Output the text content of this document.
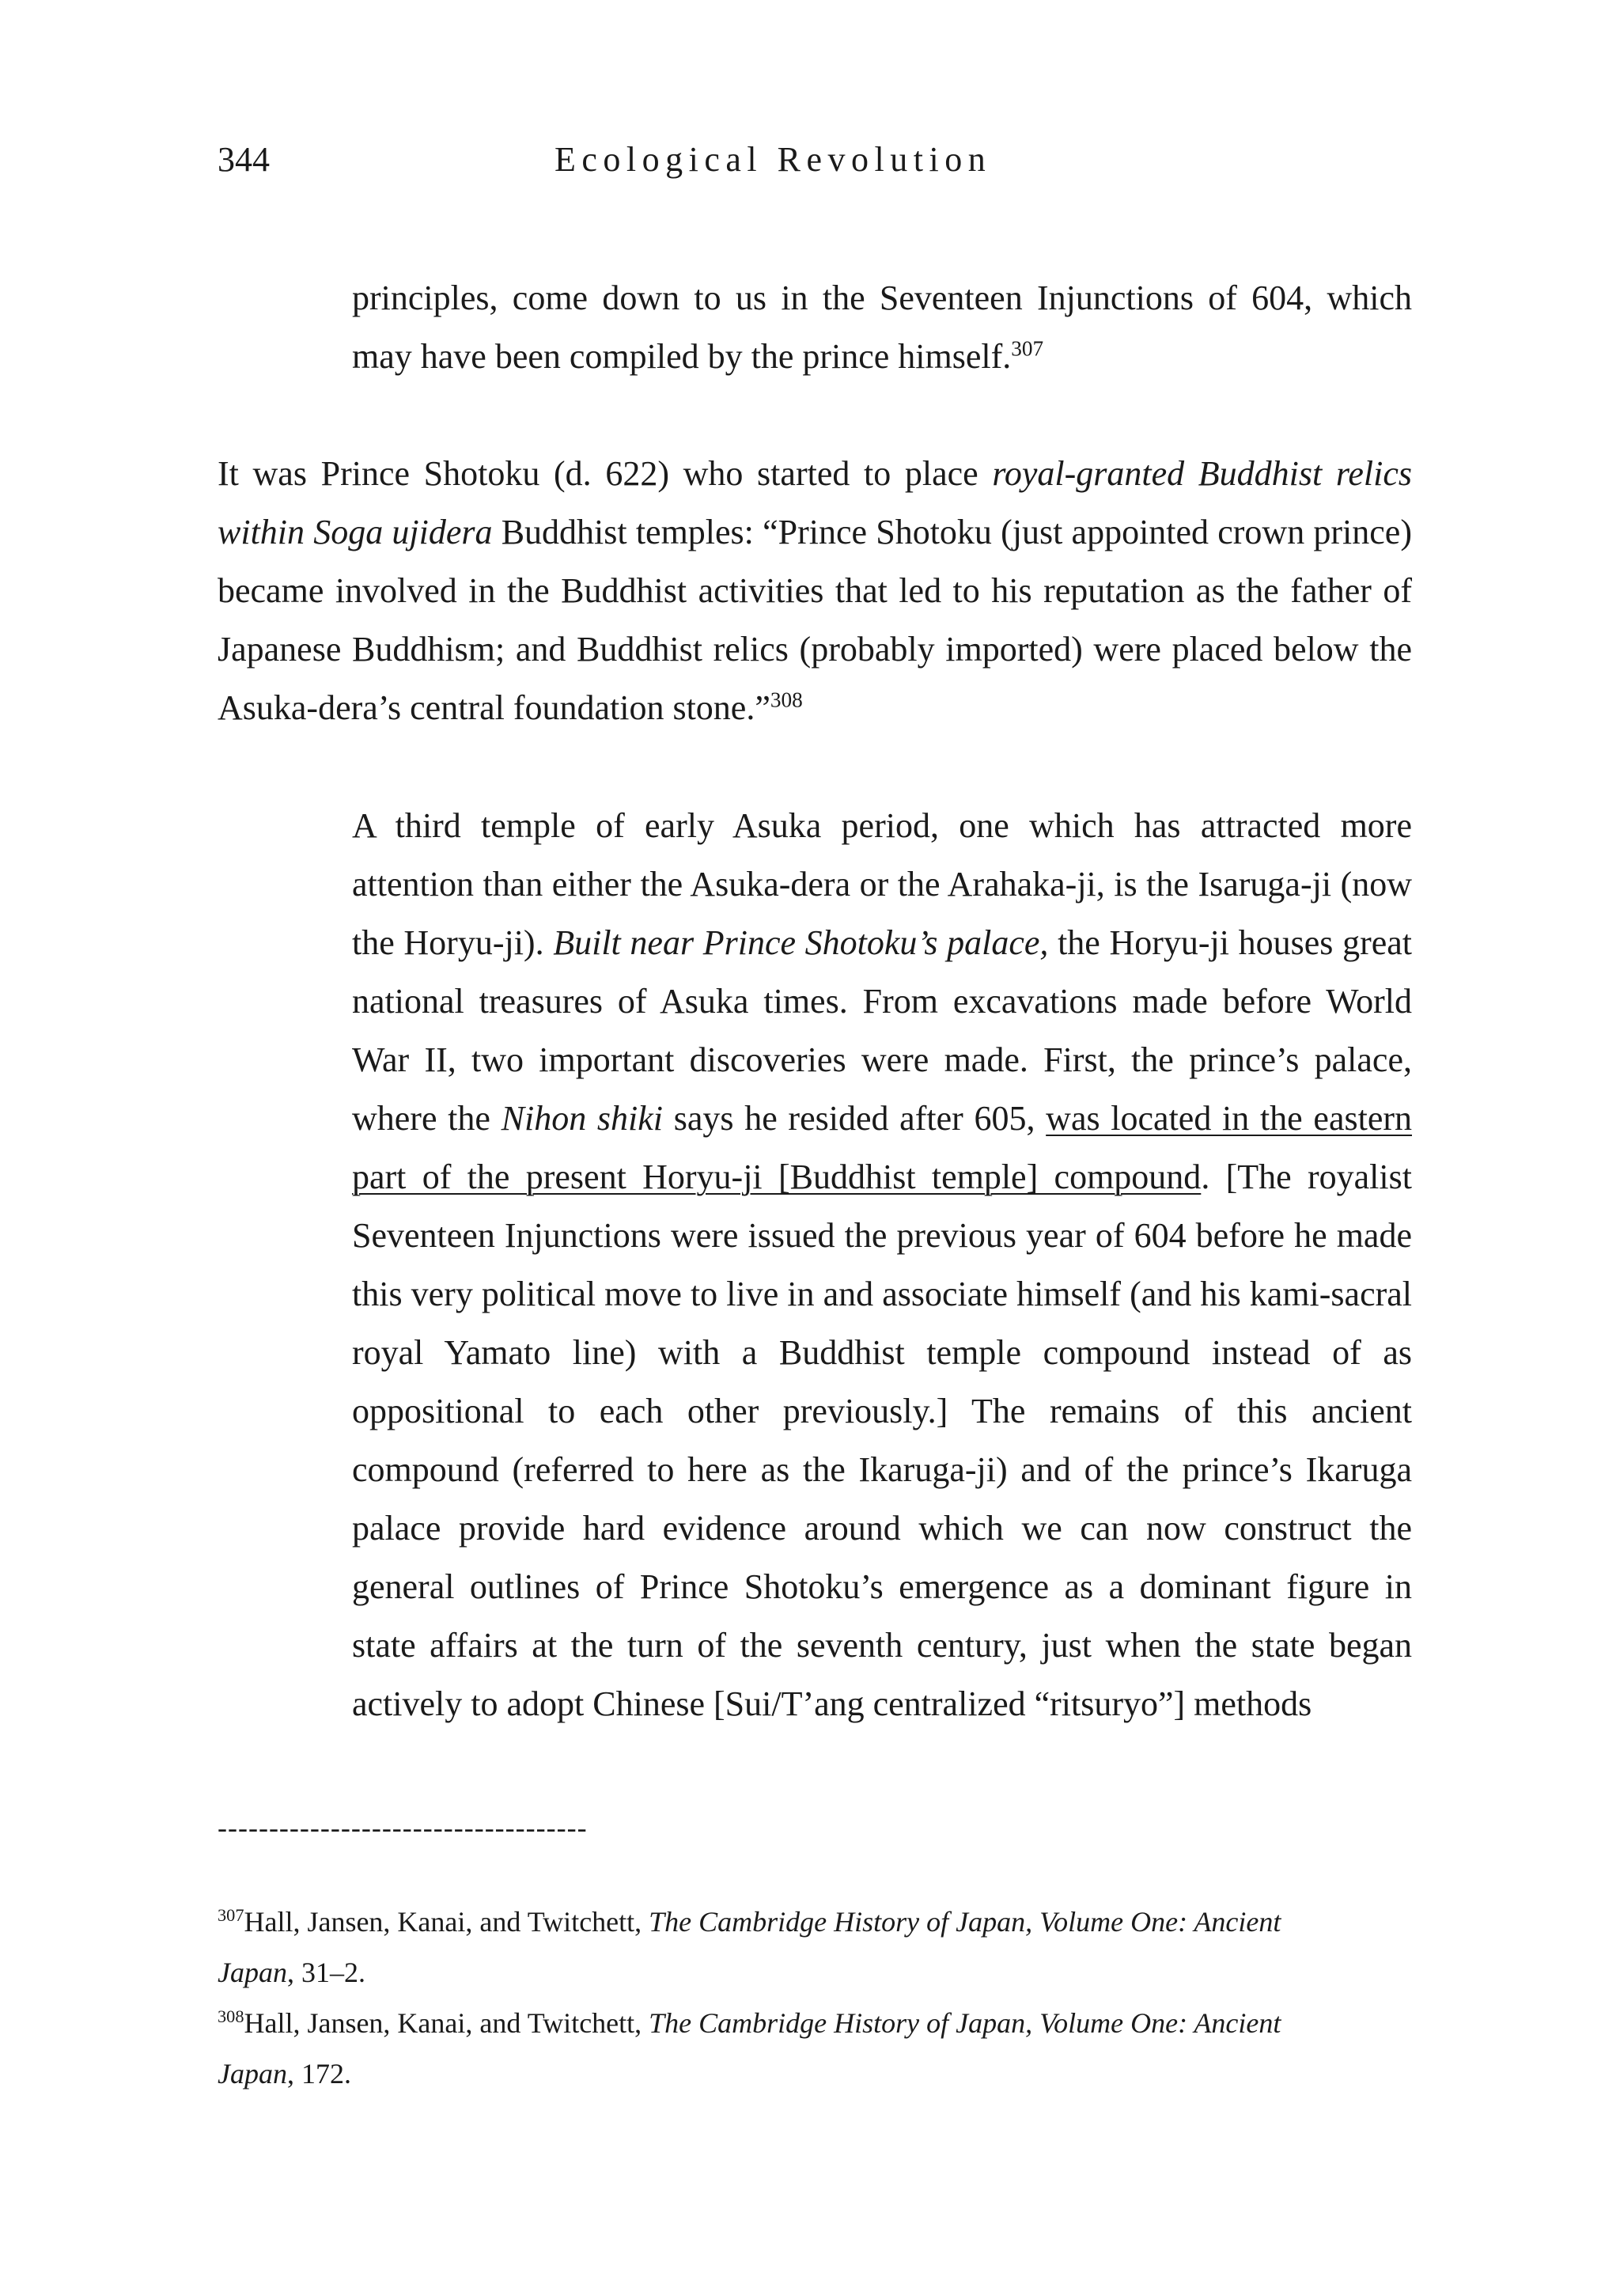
344	Ecological Revolution

principles, come down to us in the Seventeen Injunctions of 604, which may have been compiled by the prince himself.$^{307}$

It was Prince Shotoku (d. 622) who started to place royal-granted Buddhist relics within Soga ujidera Buddhist temples: “Prince Shotoku (just appointed crown prince) became involved in the Buddhist activities that led to his reputation as the father of Japanese Buddhism; and Buddhist relics (probably imported) were placed below the Asuka-dera’s central foundation stone.”$^{308}$

A third temple of early Asuka period, one which has attracted more attention than either the Asuka-dera or the Arahaka-ji, is the Isaruga-ji (now the Horyu-ji). Built near Prince Shotoku’s palace, the Horyu-ji houses great national treasures of Asuka times. From excavations made before World War II, two important discoveries were made. First, the prince’s palace, where the Nihon shiki says he resided after 605, was located in the eastern part of the present Horyu-ji [Buddhist temple] compound. [The royalist Seventeen Injunctions were issued the previous year of 604 before he made this very political move to live in and associate himself (and his kami-sacral royal Yamato line) with a Buddhist temple compound instead of as oppositional to each other previously.] The remains of this ancient compound (referred to here as the Ikaruga-ji) and of the prince’s Ikaruga palace provide hard evidence around which we can now construct the general outlines of Prince Shotoku’s emergence as a dominant figure in state affairs at the turn of the seventh century, just when the state began actively to adopt Chinese [Sui/T’ang centralized “ritsuryo”] methods

------------------------------------

$^{307}$Hall, Jansen, Kanai, and Twitchett, The Cambridge History of Japan, Volume One: Ancient Japan, 31–2.

$^{308}$Hall, Jansen, Kanai, and Twitchett, The Cambridge History of Japan, Volume One: Ancient Japan, 172.
